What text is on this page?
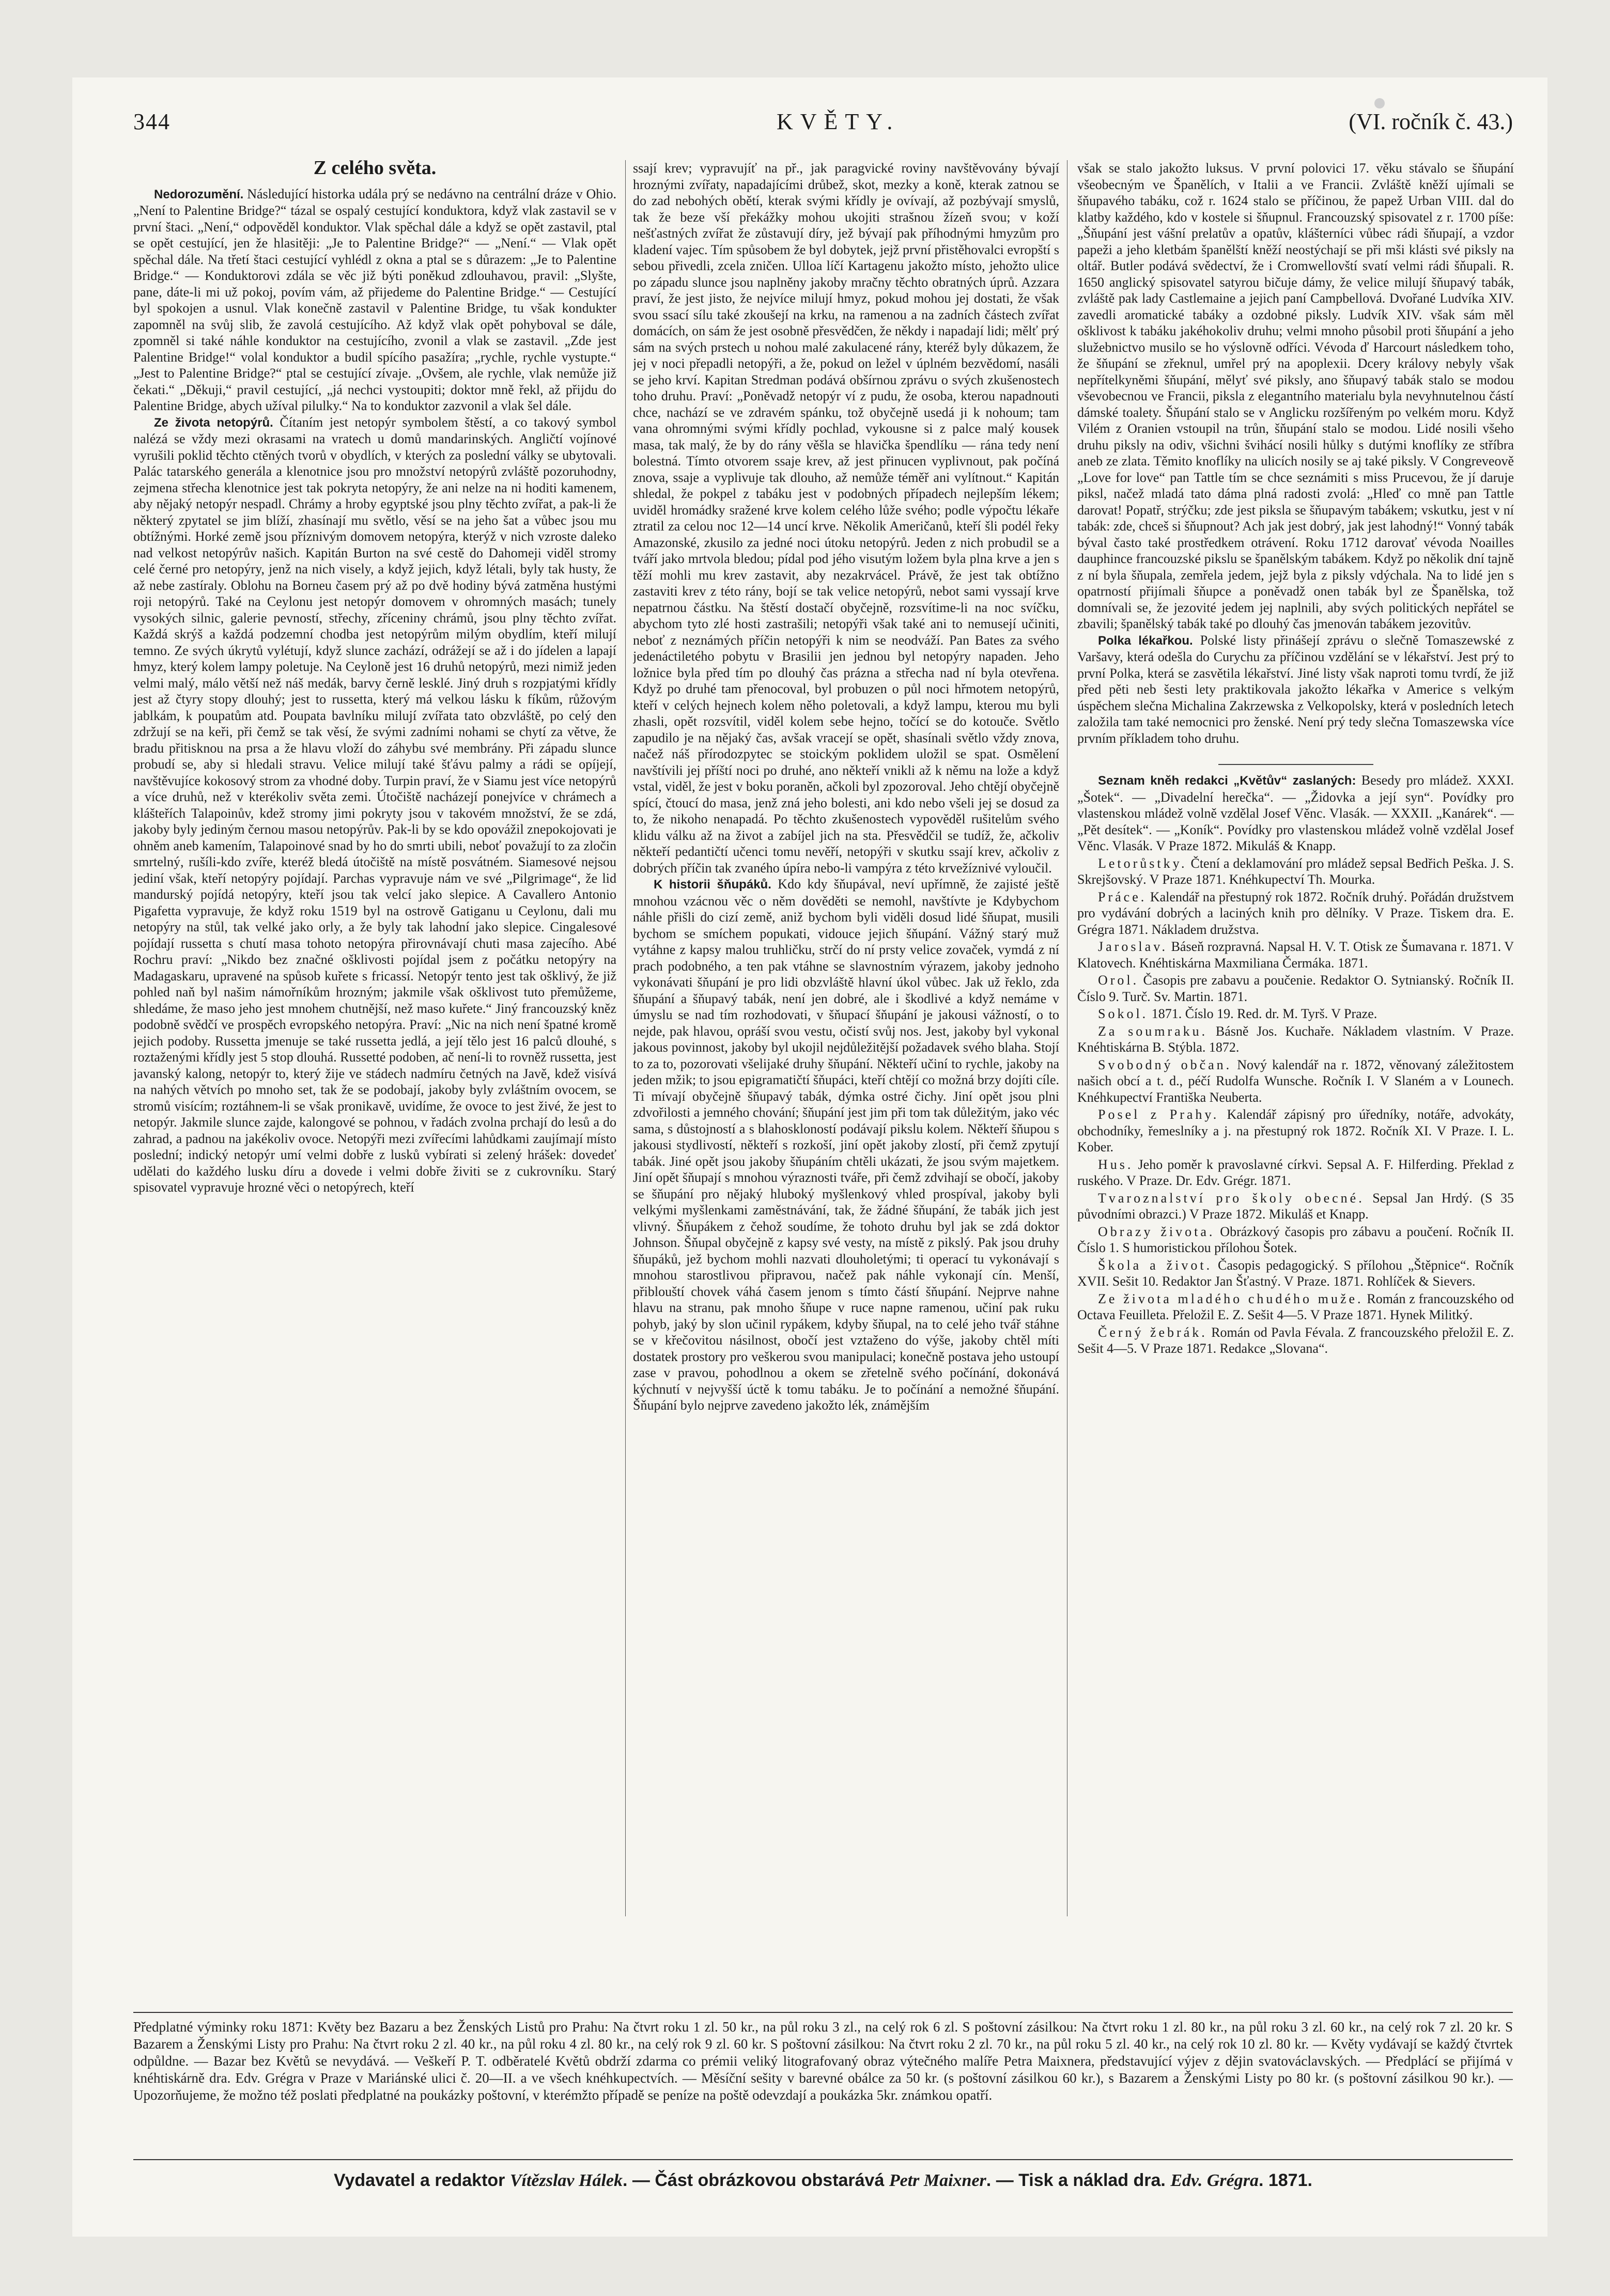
344	KVĚTY.	(VI. ročník č. 43.)
Z celého světa.

Nedorozumění. Následující historka udála prý se nedávno na centrální dráze v Ohio. „Není to Palentine Bridge?“ tázal se ospalý cestující konduktora, když vlak zastavil se v první štaci. „Není,“ odpověděl konduktor. Vlak spěchal dále a když se opět zastavil, ptal se opět cestující, jen že hlasitěji: „Je to Palentine Bridge?“ — „Není.“ — Vlak opět spěchal dále. Na třetí štaci cestující vyhlédl z okna a ptal se s důrazem: „Je to Palentine Bridge.“ — Konduktorovi zdála se věc již býti poněkud zdlouhavou, pravil: „Slyšte, pane, dáte-li mi už pokoj, povím vám, až přijedeme do Palentine Bridge.“ — Cestující byl spokojen a usnul. Vlak konečně zastavil v Palentine Bridge, tu však kondukter zapomněl na svůj slib, že zavolá cestujícího. Až když vlak opět pohyboval se dále, zpomněl si také náhle konduktor na cestujícího, zvonil a vlak se zastavil. „Zde jest Palentine Bridge!“ volal konduktor a budil spícího pasažíra; „rychle, rychle vystupte.“ „Jest to Palentine Bridge?“ ptal se cestující zívaje. „Ovšem, ale rychle, vlak nemůže již čekati.“ „Děkuji,“ pravil cestující, „já nechci vystoupiti; doktor mně řekl, až přijdu do Palentine Bridge, abych užíval pilulky.“ Na to konduktor zazvonil a vlak šel dále.

Ze života netopýrů. Čítaním jest netopýr symbolem štěstí, a co takový symbol nalézá se vždy mezi okrasami na vratech u domů mandarinských. Angličtí vojínové vyrušili poklid těchto ctěných tvorů v obydlích, v kterých za poslední války se ubytovali. Palác tatarského generála a klenotnice jsou pro množství netopýrů zvláště pozoruhodny, zejmena střecha klenotnice jest tak pokryta netopýry, že ani nelze na ni hoditi kamenem, aby nějaký netopýr nespadl. Chrámy a hroby egyptské jsou plny těchto zvířat, a pak-li že některý zpytatel se jim blíží, zhasínají mu světlo, věsí se na jeho šat a vůbec jsou mu obtížnými. Horké země jsou příznivým domovem netopýra, kterýž v nich vzroste daleko nad velkost netopýrův našich. Kapitán Burton na své cestě do Dahomeji viděl stromy celé černé pro netopýry, jenž na nich visely, a když jejich, když létali, byly tak husty, že až nebe zastíraly. Oblohu na Borneu časem prý až po dvě hodiny bývá zatměna hustými roji netopýrů. Také na Ceylonu jest netopýr domovem v ohromných masách; tunely vysokých silnic, galerie pevností, střechy, zříceniny chrámů, jsou plny těchto zvířat. Každá skrýš a každá podzemní chodba jest netopýrům milým obydlím, kteří milují temno. Ze svých úkrytů vylétují, když slunce zachází, odrážejí se až i do jídelen a lapají hmyz, který kolem lampy poletuje. Na Ceyloně jest 16 druhů netopýrů, mezi nimiž jeden velmi malý, málo větší než náš medák, barvy černě lesklé. Jiný druh s rozpjatými křídly jest až čtyry stopy dlouhý; jest to russetta, který má velkou lásku k fíkům, růžovým jablkám, k poupatům atd. Poupata bavlníku milují zvířata tato obzvláště, po celý den zdržují se na keři, při čemž se tak věsí, že svými zadními nohami se chytí za větve, že bradu přitisknou na prsa a že hlavu vloží do záhybu své membrány. Při západu slunce probudí se, aby si hledali stravu. Velice milují také šťávu palmy a rádi se opíjejí, navštěvujíce kokosový strom za vhodné doby. Turpin praví, že v Siamu jest více netopýrů a více druhů, než v kterékoliv světa zemi. Útočiště nacházejí ponejvíce v chrámech a klášteřích Talapoinův, kdež stromy jimi pokryty jsou v takovém množství, že se zdá, jakoby byly jediným černou masou netopýrův. Pak-li by se kdo opovážil znepokojovati je ohněm aneb kamením, Talapoinové snad by ho do smrti ubili, neboť považují to za zločin smrtelný, rušíli-kdo zvíře, kteréž bledá útočiště na místě posvátném. Siamesové nejsou jediní však, kteří netopýry pojídají. Parchas vypravuje nám ve své „Pilgrimage“, že lid mandurský pojídá netopýry, kteří jsou tak velcí jako slepice. A Cavallero Antonio Pigafetta vypravuje, že když roku 1519 byl na ostrově Gatiganu u Ceylonu, dali mu netopýry na stůl, tak velké jako orly, a že byly tak lahodní jako slepice. Cingalesové pojídají russetta s chutí masa tohoto netopýra přirovnávají chuti masa zajecího. Abé Rochru praví: „Nikdo bez značné ošklivosti pojídal jsem z počátku netopýry na Madagaskaru, upravené na spůsob kuřete s fricassí. Netopýr tento jest tak ošklivý, že již pohled naň byl našim námořníkům hrozným; jakmile však ošklivost tuto přemůžeme, shledáme, že maso jeho jest mnohem chutnější, než maso kuřete.“ Jiný francouzský kněz podobně svědčí ve prospěch evropského netopýra. Praví: „Nic na nich není špatné kromě jejich podoby. Russetta jmenuje se také russetta jedlá, a její tělo jest 16 palců dlouhé, s roztaženými křídly jest 5 stop dlouhá. Russetté podoben, ač není-li to rovněž russetta, jest javanský kalong, netopýr to, který žije ve stádech nadmíru četných na Javě, kdež visívá na nahých větvích po mnoho set, tak že se podobají, jakoby byly zvláštním ovocem, se stromů visícím; roztáhnem-li se však pronikavě, uvidíme, že ovoce to jest živé, že jest to netopýr. Jakmile slunce zajde, kalongové se pohnou, v řadách zvolna prchají do lesů a do zahrad, a padnou na jakékoliv ovoce. Netopýři mezi zvířecími lahůdkami zaujímají místo poslední; indický netopýr umí velmi dobře z lusků vybírati si zelený hrášek: dovedeť udělati do každého lusku díru a dovede i velmi dobře živiti se z cukrovníku. Starý spisovatel vypravuje hrozné věci o netopýrech, kteří

ssají krev; vypravujíť na př., jak paragvické roviny navštěvovány bývají hroznými zvířaty, napadajícími drůbež, skot, mezky a koně, kterak zatnou se do zad nebohých obětí, kterak svými křídly je ovívají, až pozbývají smyslů, tak že beze vší překážky mohou ukojiti strašnou žízeň svou; v koží nešťastných zvířat že zůstavují díry, jež bývají pak příhodnými hmyzům pro kladení vajec. Tím spůsobem že byl dobytek, jejž první přistěhovalci evropští s sebou přivedli, zcela zničen. Ulloa líčí Kartagenu jakožto místo, jehožto ulice po západu slunce jsou naplněny jakoby mračny těchto obratných úprů. Azzara praví, že jest jisto, že nejvíce milují hmyz, pokud mohou jej dostati, že však svou ssací sílu také zkoušejí na krku, na ramenou a na zadních částech zvířat domácích, on sám že jest osobně přesvědčen, že někdy i napadají lidi; mělť prý sám na svých prstech u nohou malé zakulacené rány, kteréž byly důkazem, že jej v noci přepadli netopýři, a že, pokud on ležel v úplném bezvědomí, nasáli se jeho krví. Kapitan Stredman podává obšírnou zprávu o svých zkušenostech toho druhu. Praví: „Poněvadž netopýr ví z pudu, že osoba, kterou napadnouti chce, nachází se ve zdravém spánku, tož obyčejně usedá ji k nohoum; tam vana ohromnými svými křídly pochlad, vykousne si z palce malý kousek masa, tak malý, že by do rány věšla se hlavička špendlíku — rána tedy není bolestná. Tímto otvorem ssaje krev, až jest přinucen vyplivnout, pak počíná znova, ssaje a vyplivuje tak dlouho, až nemůže téměř ani vylítnout.“ Kapitán shledal, že pokpel z tabáku jest v podobných případech nejlepším lékem; uviděl hromádky sražené krve kolem celého lůže svého; podle výpočtu lékaře ztratil za celou noc 12—14 uncí krve. Několik Američanů, kteří šli podél řeky Amazonské, zkusilo za jedné noci útoku netopýrů. Jeden z nich probudil se a tváří jako mrtvola bledou; pídal pod jého visutým ložem byla plna krve a jen s těží mohli mu krev zastavit, aby nezakrvácel. Právě, že jest tak obtížno zastaviti krev z této rány, bojí se tak velice netopýrů, nebot sami vyssají krve nepatrnou částku. Na štěstí dostačí obyčejně, rozsvítime-li na noc svíčku, abychom tyto zlé hosti zastrašili; netopýři však také ani to nemusejí učiniti, neboť z neznámých příčin netopýři k nim se neodváží. Pan Bates za svého jedenáctiletého pobytu v Brasilii jen jednou byl netopýry napaden. Jeho ložnice byla před tím po dlouhý čas prázna a střecha nad ní byla otevřena. Když po druhé tam přenocoval, byl probuzen o půl noci hřmotem netopýrů, kteří v celých hejnech kolem něho poletovali, a když lampu, kterou mu byli zhasli, opět rozsvítil, viděl kolem sebe hejno, točící se do kotouče. Světlo zapudilo je na nějaký čas, avšak vracejí se opět, shasínali světlo vždy znova, načež náš přírodozpytec se stoickým poklidem uložil se spat. Osmělení navštívili jej příští noci po druhé, ano někteří vnikli až k němu na lože a když vstal, viděl, že jest v boku poraněn, ačkoli byl zpozoroval. Jeho chtějí obyčejně spící, čtoucí do masa, jenž zná jeho bolesti, ani kdo nebo všeli jej se dosud za to, že nikoho nenapadá. Po těchto zkušenostech vypověděl rušitelům svého klidu válku až na život a zabíjel jich na sta. Přesvědčil se tudíž, že, ačkoliv někteří pedantičtí učenci tomu nevěří, netopýři v skutku ssají krev, ačkoliv z dobrých příčin tak zvaného úpíra nebo-li vampýra z této krvežíznivé vyloučil.

K historii šňupáků. Kdo kdy šňupával, neví upřímně, že zajisté ještě mnohou vzácnou věc o něm dověděti se nemohl, navštívte je Kdybychom náhle přišli do cizí země, aniž bychom byli viděli dosud lidé šňupat, musili bychom se smíchem popukati, vidouce jejich šňupání. Vážný starý muž vytáhne z kapsy malou truhličku, strčí do ní prsty velice zovaček, vymdá z ní prach podobného, a ten pak vtáhne se slavnostním výrazem, jakoby jednoho vykonávati šňupání je pro lidi obzvláště hlavní úkol vůbec. Jak už řeklo, zda šňupání a šňupavý tabák, není jen dobré, ale i škodlivé a když nemáme v úmyslu se nad tím rozhodovati, v šňupací šňupání je jakousi vážností, o to nejde, pak hlavou, opráší svou vestu, očistí svůj nos. Jest, jakoby byl vykonal jakous povinnost, jakoby byl ukojil nejdůležitější požadavek svého blaha. Stojí to za to, pozorovati všelijaké druhy šňupání. Někteří učiní to rychle, jakoby na jeden mžik; to jsou epigramatičtí šňupáci, kteří chtějí co možná brzy dojíti cíle. Ti mívají obyčejně šňupavý tabák, dýmka ostré čichy. Jiní opět jsou plni zdvořilosti a jemného chování; šňupání jest jim při tom tak důležitým, jako véc sama, s důstojností a s blahoskloností podávají pikslu kolem. Někteří šňupou s jakousi stydlivostí, někteří s rozkoší, jiní opět jakoby zlostí, při čemž zpytují tabák. Jiné opět jsou jakoby šňupáním chtěli ukázati, že jsou svým majetkem. Jiní opět šňupají s mnohou výraznosti tváře, při čemž zdvihají se obočí, jakoby se šňupání pro nějaký hluboký myšlenkový vhled prospíval, jakoby byli velkými myšlenkami zaměstnávání, tak, že žádné šňupání, že tabák jich jest vlivný. Šňupákem z čehož soudíme, že tohoto druhu byl jak se zdá doktor Johnson. Šňupal obyčejně z kapsy své vesty, na místě z pikslý. Pak jsou druhy šňupáků, jež bychom mohli nazvati dlouholetými; ti operací tu vykonávají s mnohou starostlivou připravou, načež pak náhle vykonají cín. Menší, přiblouští chovek váhá časem jenom s tímto částí šňupání. Nejprve nahne hlavu na stranu, pak mnoho šňupe v ruce napne ramenou, učiní pak ruku pohyb, jaký by slon učinil rypákem, kdyby šňupal, na to celé jeho tvář stáhne se v křečovitou násilnost, obočí jest vztaženo do výše, jakoby chtěl míti dostatek prostory pro veškerou svou manipulaci; konečně postava jeho ustoupí zase v pravou, pohodlnou a okem se zřetelně svého počínání, dokonává kýchnutí v nejvyšší úctě k tomu tabáku. Je to počínání a nemožné šňupání. Šňupání bylo nejprve zavedeno jakožto lék, známějším

však se stalo jakožto luksus. V první polovici 17. věku stávalo se šňupání všeobecným ve Španělích, v Italii a ve Francii. Zvláště kněží ujímali se šňupavého tabáku, což r. 1624 stalo se příčinou, že papež Urban VIII. dal do klatby každého, kdo v kostele si šňupnul. Francouzský spisovatel z r. 1700 píše: „Šňupání jest vášní prelatův a opatův, klášterníci vůbec rádi šňupají, a vzdor papeži a jeho kletbám španělští kněží neostýchají se při mši klásti své piksly na oltář. Butler podává svědectví, že i Cromwellovští svatí velmi rádi šňupali. R. 1650 anglický spisovatel satyrou bičuje dámy, že velice milují šňupavý tabák, zvláště pak lady Castlemaine a jejich paní Campbellová. Dvořané Ludvíka XIV. zavedli aromatické tabáky a ozdobné piksly. Ludvík XIV. však sám měl ošklivost k tabáku jakéhokoliv druhu; velmi mnoho působil proti šňupání a jeho služebnictvo musilo se ho výslovně odříci. Vévoda ď Harcourt následkem toho, že šňupání se zřeknul, umřel prý na apoplexii. Dcery královy nebyly však nepřítelkyněmi šňupání, mělyť své piksly, ano šňupavý tabák stalo se modou vševobecnou ve Francii, piksla z elegantního materialu byla nevyhnutelnou částí dámské toalety. Šňupání stalo se v Anglicku rozšířeným po velkém moru. Když Vilém z Oranien vstoupil na trůn, šňupání stalo se modou. Lidé nosili všeho druhu piksly na odiv, všichni švihácí nosili hůlky s dutými knoflíky ze stříbra aneb ze zlata. Těmito knoflíky na ulicích nosily se aj také piksly. V Congreveově „Love for love“ pan Tattle tím se chce seznámiti s miss Prucevou, že jí daruje piksl, načež mladá tato dáma plná radosti zvolá: „Hleď co mně pan Tattle darovat! Popatř, strýčku; zde jest piksla se šňupavým tabákem; vskutku, jest v ní tabák: zde, chceš si šňupnout? Ach jak jest dobrý, jak jest lahodný!“ Vonný tabák býval často také prostředkem otrávení. Roku 1712 darovať vévoda Noailles dauphince francouzské pikslu se španělským tabákem. Když po několik dní tajně z ní byla šňupala, zemřela jedem, jejž byla z piksly vdýchala. Na to lidé jen s opatrností přijímali šňupce a poněvadž onen tabák byl ze Španělska, tož domnívali se, že jezovité jedem jej naplnili, aby svých politických nepřátel se zbavili; španělský tabák také po dlouhý čas jmenován tabákem jezovitův.

Polka lékařkou. Polské listy přinášejí zprávu o slečně Tomaszewské z Varšavy, která odešla do Curychu za příčinou vzdělání se v lékařství. Jest prý to první Polka, která se zasvětila lékařství. Jiné listy však naproti tomu tvrdí, že již před pěti neb šesti lety praktikovala jakožto lékařka v Americe s velkým úspěchem slečna Michalina Zakrzewska z Velkopolsky, která v posledních letech založila tam také nemocnici pro ženské. Není prý tedy slečna Tomaszewska více prvním příkladem toho druhu.

Seznam kněh redakci „Květův“ zaslaných: Besedy pro mládež. XXXI. „Šotek“. — „Divadelní herečka“. — „Židovka a její syn“. Povídky pro vlastenskou mládež volně vzdělal Josef Věnc. Vlasák. — XXXII. „Kanárek“. — „Pět desítek“. — „Koník“. Povídky pro vlastenskou mládež volně vzdělal Josef Věnc. Vlasák. V Praze 1872. Mikuláš & Knapp.

Letorůstky. Čtení a deklamování pro mládež sepsal Bedřich Peška. J. S. Skrejšovský. V Praze 1871. Knéhkupectví Th. Mourka.

Práce. Kalendář na přestupný rok 1872. Ročník druhý. Pořádán družstvem pro vydávání dobrých a laciných knih pro dělníky. V Praze. Tiskem dra. E. Grégra 1871. Nákladem družstva.

Jaroslav. Báseň rozpravná. Napsal H. V. T. Otisk ze Šumavana r. 1871. V Klatovech. Knéhtiskárna Maxmiliana Čermáka. 1871.

Orol. Časopis pre zabavu a poučenie. Redaktor O. Sytnianský. Ročník II. Číslo 9. Turč. Sv. Martin. 1871.

Sokol. 1871. Číslo 19. Red. dr. M. Tyrš. V Praze.

Za soumraku. Básně Jos. Kuchaře. Nákladem vlastním. V Praze. Knéhtiskárna B. Stýbla. 1872.

Svobodný občan. Nový kalendář na r. 1872, věnovaný záležitostem našich obcí a t. d., péčí Rudolfa Wunsche. Ročník I. V Slaném a v Lounech. Knéhkupectví Františka Neuberta.

Posel z Prahy. Kalendář zápisný pro úředníky, notáře, advokáty, obchodníky, řemeslníky a j. na přestupný rok 1872. Ročník XI. V Praze. I. L. Kober.

Hus. Jeho poměr k pravoslavné církvi. Sepsal A. F. Hilferding. Překlad z ruského. V Praze. Dr. Edv. Grégr. 1871.

Tvaroznalství pro školy obecné. Sepsal Jan Hrdý. (S 35 původními obrazci.) V Praze 1872. Mikuláš et Knapp.

Obrazy života. Obrázkový časopis pro zábavu a poučení. Ročník II. Číslo 1. S humoristickou přílohou Šotek.

Škola a život. Časopis pedagogický. S přílohou „Štěpnice“. Ročník XVII. Sešit 10. Redaktor Jan Šťastný. V Praze. 1871. Rohlíček & Sievers.

Ze života mladého chudého muže. Román z francouzského od Octava Feuilleta. Přeložil E. Z. Sešit 4—5. V Praze 1871. Hynek Militký.

Černý žebrák. Román od Pavla Févala. Z francouzského přeložil E. Z. Sešit 4—5. V Praze 1871. Redakce „Slovana“.

Předplatné výminky roku 1871: Květy bez Bazaru a bez Ženských Listů pro Prahu: Na čtvrt roku 1 zl. 50 kr., na půl roku 3 zl., na celý rok 6 zl. S poštovní zásilkou: Na čtvrt roku 1 zl. 80 kr., na půl roku 3 zl. 60 kr., na celý rok 7 zl. 20 kr. S Bazarem a Ženskými Listy pro Prahu: Na čtvrt roku 2 zl. 40 kr., na půl roku 4 zl. 80 kr., na celý rok 9 zl. 60 kr. S poštovní zásilkou: Na čtvrt roku 2 zl. 70 kr., na půl roku 5 zl. 40 kr., na celý rok 10 zl. 80 kr. — Květy vydávají se každý čtvrtek odpůldne. — Bazar bez Květů se nevydává. — Veškeří P. T. odběratelé Květů obdrží zdarma co prémii veliký litografovaný obraz výtečného malíře Petra Maixnera, představující výjev z dějin svatováclavských. — Předplácí se přijímá v knéhtiskárně dra. Edv. Grégra v Praze v Mariánské ulici č. 20—II. a ve všech knéhkupectvích. — Měsíční sešity v barevné obálce za 50 kr. (s poštovní zásilkou 60 kr.), s Bazarem a Ženskými Listy po 80 kr. (s poštovní zásilkou 90 kr.). — Upozorňujeme, že možno též poslati předplatné na poukázky poštovní, v kterémžto případě se peníze na poště odevzdají a poukázka 5kr. známkou opatří.
Vydavatel a redaktor Vítězslav Hálek. — Část obrázkovou obstarává Petr Maixner. — Tisk a náklad dra. Edv. Grégra. 1871.
